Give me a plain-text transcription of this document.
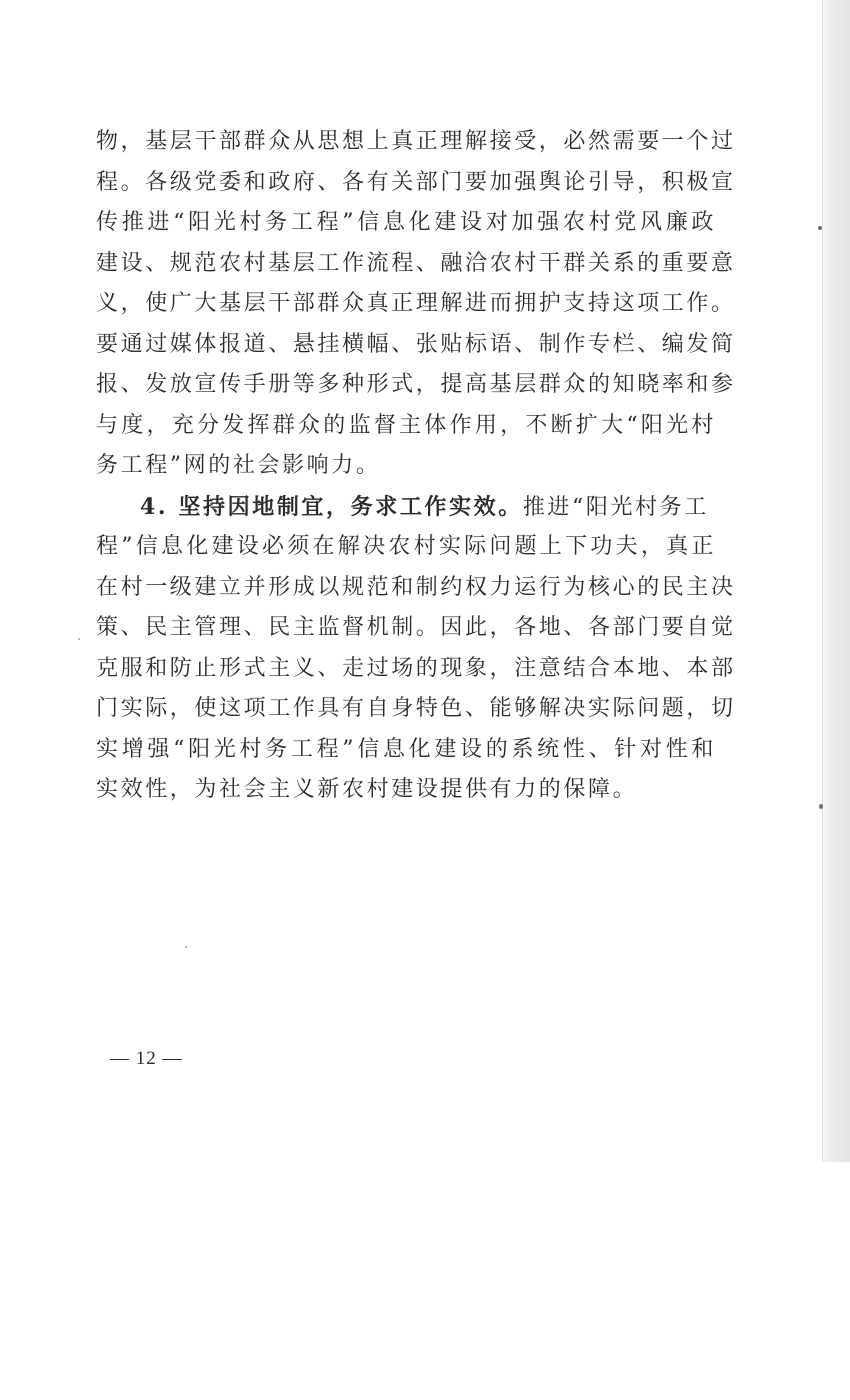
物，基层干部群众从思想上真正理解接受，必然需要一个过
程。各级党委和政府、各有关部门要加强舆论引导，积极宣
传推进“阳光村务工程”信息化建设对加强农村党风廉政
建设、规范农村基层工作流程、融洽农村干群关系的重要意
义，使广大基层干部群众真正理解进而拥护支持这项工作。
要通过媒体报道、悬挂横幅、张贴标语、制作专栏、编发简
报、发放宣传手册等多种形式，提高基层群众的知晓率和参
与度，充分发挥群众的监督主体作用，不断扩大“阳光村
务工程”网的社会影响力。
4. 坚持因地制宜，务求工作实效。推进“阳光村务工
程”信息化建设必须在解决农村实际问题上下功夫，真正
在村一级建立并形成以规范和制约权力运行为核心的民主决
策、民主管理、民主监督机制。因此，各地、各部门要自觉
克服和防止形式主义、走过场的现象，注意结合本地、本部
门实际，使这项工作具有自身特色、能够解决实际问题，切
实增强“阳光村务工程”信息化建设的系统性、针对性和
实效性，为社会主义新农村建设提供有力的保障。
— 12 —
